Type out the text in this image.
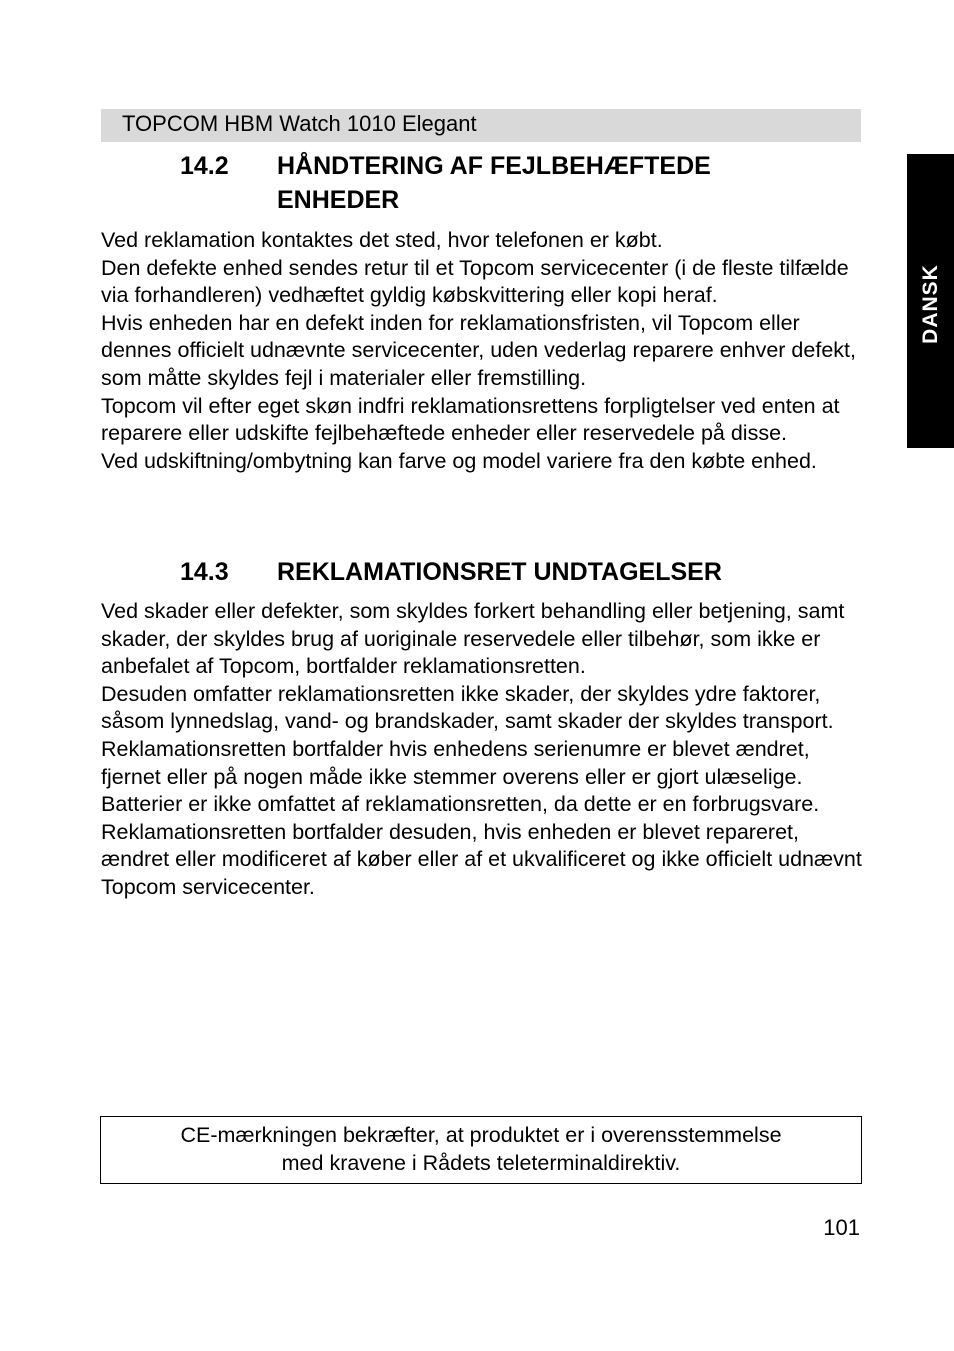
TOPCOM HBM Watch 1010 Elegant
DANSK
14.2 HÅNDTERING AF FEJLBEHÆFTEDE
ENHEDER

Ved reklamation kontaktes det sted, hvor telefonen er købt.

Den defekte enhed sendes retur til et Topcom servicecenter (i de fleste tilfælde via forhandleren) vedhæftet gyldig købskvittering eller kopi heraf.

Hvis enheden har en defekt inden for reklamationsfristen, vil Topcom eller dennes officielt udnævnte servicecenter, uden vederlag reparere enhver defekt, som måtte skyldes fejl i materialer eller fremstilling.

Topcom vil efter eget skøn indfri reklamationsrettens forpligtelser ved enten at reparere eller udskifte fejlbehæftede enheder eller reservedele på disse.

Ved udskiftning/ombytning kan farve og model variere fra den købte enhed.

14.3 REKLAMATIONSRET UNDTAGELSER

Ved skader eller defekter, som skyldes forkert behandling eller betjening, samt skader, der skyldes brug af uoriginale reservedele eller tilbehør, som ikke er anbefalet af Topcom, bortfalder reklamationsretten.

Desuden omfatter reklamationsretten ikke skader, der skyldes ydre faktorer, såsom lynnedslag, vand- og brandskader, samt skader der skyldes transport.

Reklamationsretten bortfalder hvis enhedens serienumre er blevet ændret, fjernet eller på nogen måde ikke stemmer overens eller er gjort ulæselige.

Batterier er ikke omfattet af reklamationsretten, da dette er en forbrugsvare.

Reklamationsretten bortfalder desuden, hvis enheden er blevet repareret, ændret eller modificeret af køber eller af et ukvalificeret og ikke officielt udnævnt Topcom servicecenter.

CE-mærkningen bekræfter, at produktet er i overensstemmelse
med kravene i Rådets teleterminaldirektiv.

101
